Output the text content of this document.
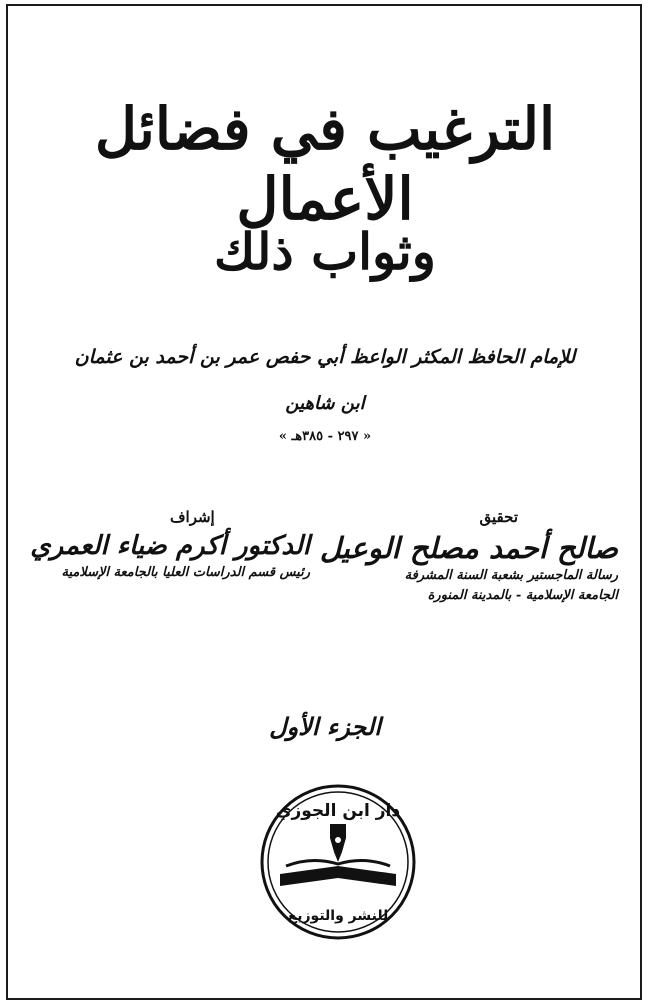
الترغيب في فضائل الأعمال
وثواب ذلك
للإمام الحافظ المكثر الواعظ أبي حفص عمر بن أحمد بن عثمان
ابن شاهين
« ٢٩٧ - ٣٨٥هـ »
تحقيق
صالح أحمد مصلح الوعيل
رسالة الماجستير بشعبة السنة المشرفة
الجامعة الإسلامية - بالمدينة المنورة
إشراف
الدكتور أكرم ضياء العمري
رئيس قسم الدراسات العليا بالجامعة الإسلامية
الجزء الأول
دار ابن الجوزي
للنشر والتوزيع
